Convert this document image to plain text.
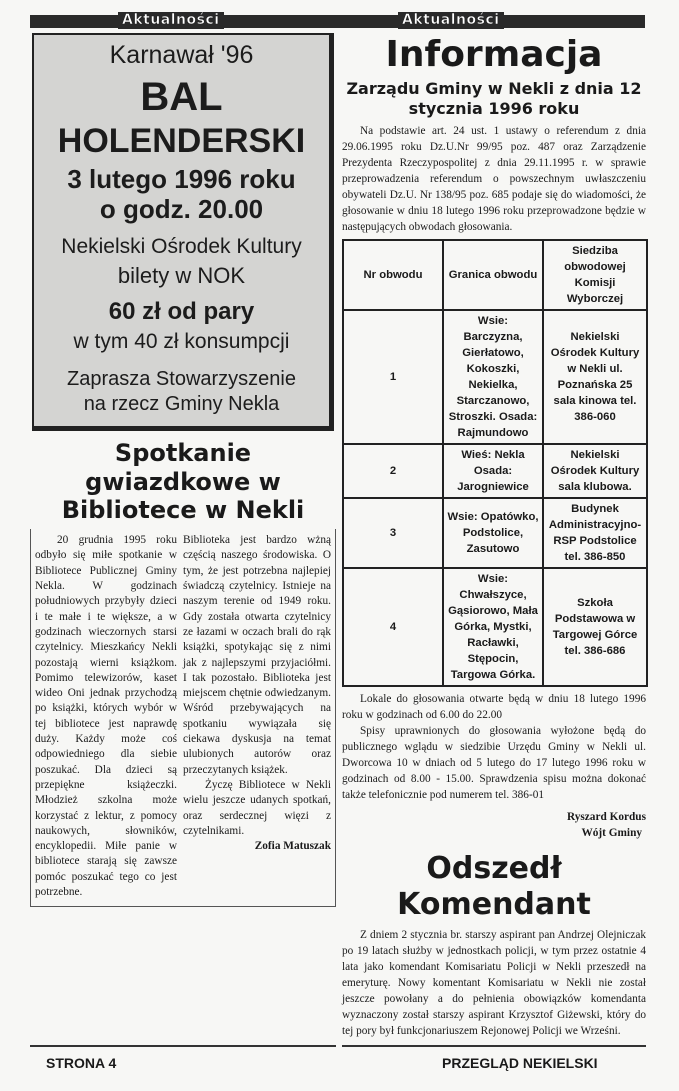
Aktualności	Aktualności
Karnawał '96
BAL
HOLENDERSKI
3 lutego 1996 roku
o godz. 20.00
Nekielski Ośrodek Kultury
bilety w NOK
60 zł od pary
w tym 40 zł konsumpcji
Zaprasza Stowarzyszenie
na rzecz Gminy Nekla
Spotkanie gwiazdkowe w Bibliotece w Nekli

20 grudnia 1995 roku odbyło się miłe spotkanie w Bibliotece Publicznej Gminy Nekla. W godzinach południowych przybyły dzieci i te małe i te większe, a w godzinach wieczornych starsi czytelnicy. Mieszkańcy Nekli pozostają wierni książkom. Pomimo telewizorów, kaset wideo Oni jednak przychodzą po książki, których wybór w tej bibliotece jest naprawdę duży. Każdy może coś odpowiedniego dla siebie poszukać. Dla dzieci są przepiękne książeczki. Młodzież szkolna może korzystać z lektur, z pomocy naukowych, słowników, encyklopedii. Miłe panie w bibliotece starają się zawsze pomóc poszukać tego co jest potrzebne.

Biblioteka jest bardzo wżną częścią naszego środowiska. O tym, że jest potrzebna najlepiej świadczą czytelnicy. Istnieje na naszym terenie od 1949 roku. Gdy została otwarta czytelnicy ze łazami w oczach brali do rąk książki, spotykając się z nimi jak z najlepszymi przyjaciółmi. I tak pozostało. Biblioteka jest miejscem chętnie odwiedzanym. Wśród przebywających na spotkaniu wywiązała się ciekawa dyskusja na temat ulubionych autorów oraz przeczytanych książek.

Życzę Bibliotece w Nekli wielu jeszcze udanych spotkań, oraz serdecznej więzi z czytelnikami.

Zofia Matuszak
Informacja
Zarządu Gminy w Nekli z dnia 12 stycznia 1996 roku

Na podstawie art. 24 ust. 1 ustawy o referendum z dnia 29.06.1995 roku Dz.U.Nr 99/95 poz. 487 oraz Zarządzenie Prezydenta Rzeczypospolitej z dnia 29.11.1995 r. w sprawie przeprowadzenia referendum o powszechnym uwłaszczeniu obywateli Dz.U. Nr 138/95 poz. 685 podaje się do wiadomości, że głosowanie w dniu 18 lutego 1996 roku przeprowadzone będzie w następujących obwodach głosowania.

Nr obwodu	Granica obwodu	Siedziba obwodowej Komisji Wyborczej
1	Wsie: Barczyzna, Gierłatowo, Kokoszki, Nekielka, Starczanowo, Stroszki. Osada: Rajmundowo	Nekielski Ośrodek Kultury w Nekli ul. Poznańska 25 sala kinowa tel. 386-060
2	Wieś: Nekla Osada: Jarogniewice	Nekielski Ośrodek Kultury sala klubowa.
3	Wsie: Opatówko, Podstolice, Zasutowo	Budynek Administracyjno-RSP Podstolice tel. 386-850
4	Wsie: Chwałszyce, Gąsiorowo, Mała Górka, Mystki, Racławki, Stępocin, Targowa Górka.	Szkoła Podstawowa w Targowej Górce tel. 386-686

Lokale do głosowania otwarte będą w dniu 18 lutego 1996 roku w godzinach od 6.00 do 22.00

Spisy uprawnionych do głosowania wyłożone będą do publicznego wglądu w siedzibie Urzędu Gminy w Nekli ul. Dworcowa 10 w dniach od 5 lutego do 17 lutego 1996 roku w godzinach od 8.00 - 15.00. Sprawdzenia spisu można dokonać także telefonicznie pod numerem tel. 386-01

Ryszard Kordus
Wójt Gminy
Odszedł Komendant

Z dniem 2 stycznia br. starszy aspirant pan Andrzej Olejniczak po 19 latach służby w jednostkach policji, w tym przez ostatnie 4 lata jako komendant Komisariatu Policji w Nekli przeszedł na emeryturę. Nowy komentant Komisariatu w Nekli nie został jeszcze powołany a do pełnienia obowiązków komendanta wyznaczony został starszy aspirant Krzysztof Giżewski, który do tej pory był funkcjonariuszem Rejonowej Policji we Wrześni.

STRONA 4	PRZEGLĄD NEKIELSKI
